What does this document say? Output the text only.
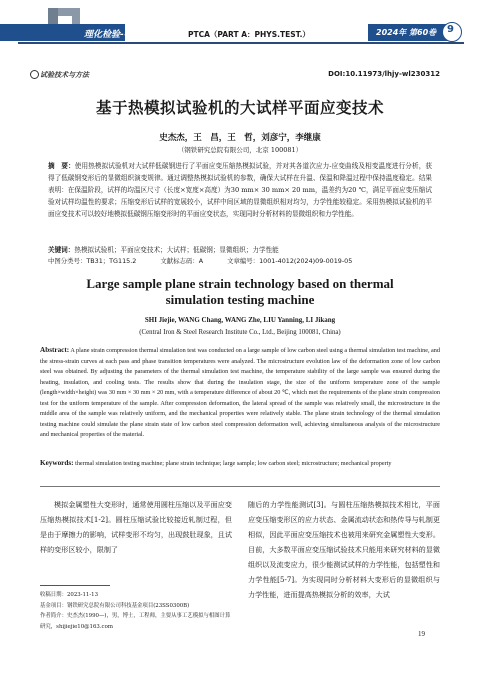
理化检验-物理分册	PTCA（PART A：PHYS.TEST.）	2024年 第60卷 9
试验技术与方法	DOI:10.11973/lhjy-wl230312
基于热模拟试验机的大试样平面应变技术
史杰杰，王　昌，王　哲，刘彦宁，李继康
（钢铁研究总院有限公司，北京 100081）
摘　要：使用热模拟试验机对大试样低碳钢进行了平面应变压缩热模拟试验，并对其各道次应力-应变曲线及相变温度进行分析，获得了低碳钢变形后的显微组织演变规律。通过调整热模拟试验机的参数，确保大试样在升温、保温和降温过程中保持温度稳定。结果表明：在保温阶段，试样的均温区尺寸（长度×宽度×高度）为30 mm× 30 mm× 20 mm，温差约为20 ℃，满足平面应变压缩试验对试样均温性的要求；压缩变形后试样的宽展较小，试样中间区域的显微组织相对均匀，力学性能较稳定。采用热模拟试验机的平面应变技术可以较好地模拟低碳钢压缩变形时的平面应变状态，实现同时分析材料的显微组织和力学性能。
关键词：热模拟试验机；平面应变技术；大试样；低碳钢；显微组织；力学性能
中图分类号：TB31；TG115.2	文献标志码：A	文章编号：1001-4012(2024)09-0019-05
Large sample plane strain technology based on thermal simulation testing machine
SHI Jiejie, WANG Chang, WANG Zhe, LIU Yanning, LI Jikang
(Central Iron & Steel Research Institute Co., Ltd., Beijing 100081, China)
Abstract: A plane strain compression thermal simulation test was conducted on a large sample of low carbon steel using a thermal simulation test machine, and the stress-strain curves at each pass and phase transition temperatures were analyzed. The microstructure evolution law of the deformation zone of low carbon steel was obtained. By adjusting the parameters of the thermal simulation test machine, the temperature stability of the large sample was ensured during the heating, insulation, and cooling tests. The results show that during the insulation stage, the size of the uniform temperature zone of the sample (length×width×height) was 30 mm × 30 mm × 20 mm, with a temperature difference of about 20 ℃, which met the requirements of the plane strain compression test for the uniform temperature of the sample. After compression deformation, the lateral spread of the sample was relatively small, the microstructure in the middle area of the sample was relatively uniform, and the mechanical properties were relatively stable. The plane strain technology of the thermal simulation testing machine could simulate the plane strain state of low carbon steel compression deformation well, achieving simultaneous analysis of the microstructure and mechanical properties of the material.
Keywords: thermal simulation testing machine; plane strain technique; large sample; low carbon steel; microstructure; mechanical property
模拟金属塑性大变形时，通常使用圆柱压缩以及平面应变压缩热模拟技术[1-2]。圆柱压缩试验比较接近轧制过程，但是由于摩擦力的影响，试样变形不均匀，出现鼓肚现象，且试样的变形区较小，限制了
随后的力学性能测试[3]。与圆柱压缩热模拟技术相比，平面应变压缩变形区的应力状态、金属流动状态和热传导与轧制更相似，因此平面应变压缩技术也被用来研究金属塑性大变形。目前，大多数平面应变压缩试验技术只能用来研究材料的显微组织以及流变应力，很少能测试试样的力学性能，包括塑性和力学性能[5-7]。为实现同时分析材料大变形后的显微组织与力学性能，进而提高热模拟分析的效率，大试
收稿日期：2023-11-13
基金项目：钢铁研究总院有限公司科技基金项目(23SS0300B)
作者简介：史杰杰(1990—)，男，博士，工程师，主要从事工艺模拟与相图计算研究，shijiejie10@163.com
19
